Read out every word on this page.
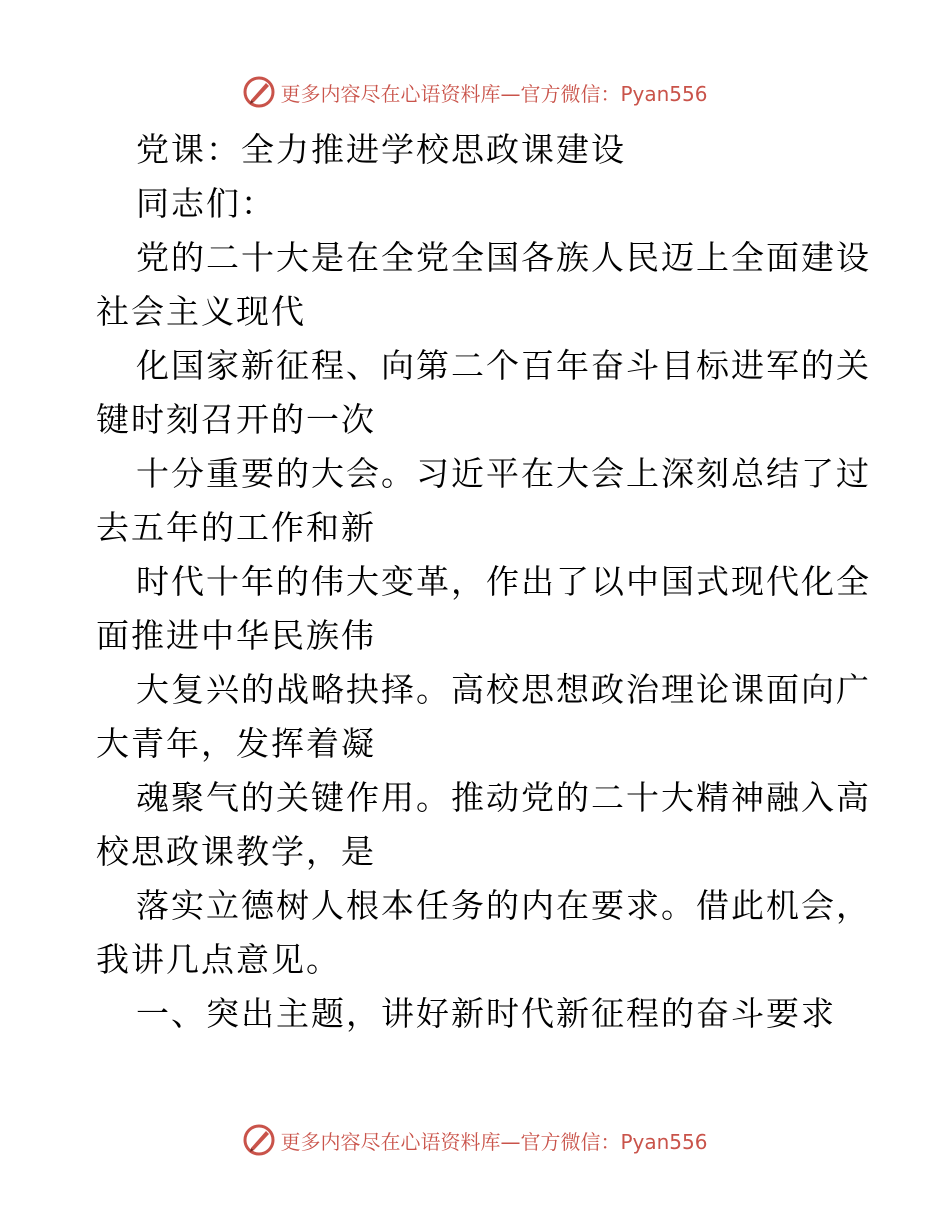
更多内容尽在心语资料库—官方微信：Pyan556
党课：全力推进学校思政课建设
同志们：
党的二十大是在全党全国各族人民迈上全面建设
社会主义现代
化国家新征程、向第二个百年奋斗目标进军的关
键时刻召开的一次
十分重要的大会。习近平在大会上深刻总结了过
去五年的工作和新
时代十年的伟大变革，作出了以中国式现代化全
面推进中华民族伟
大复兴的战略抉择。高校思想政治理论课面向广
大青年，发挥着凝
魂聚气的关键作用。推动党的二十大精神融入高
校思政课教学，是
落实立德树人根本任务的内在要求。借此机会，
我讲几点意见。
一、突出主题，讲好新时代新征程的奋斗要求
更多内容尽在心语资料库—官方微信：Pyan556
